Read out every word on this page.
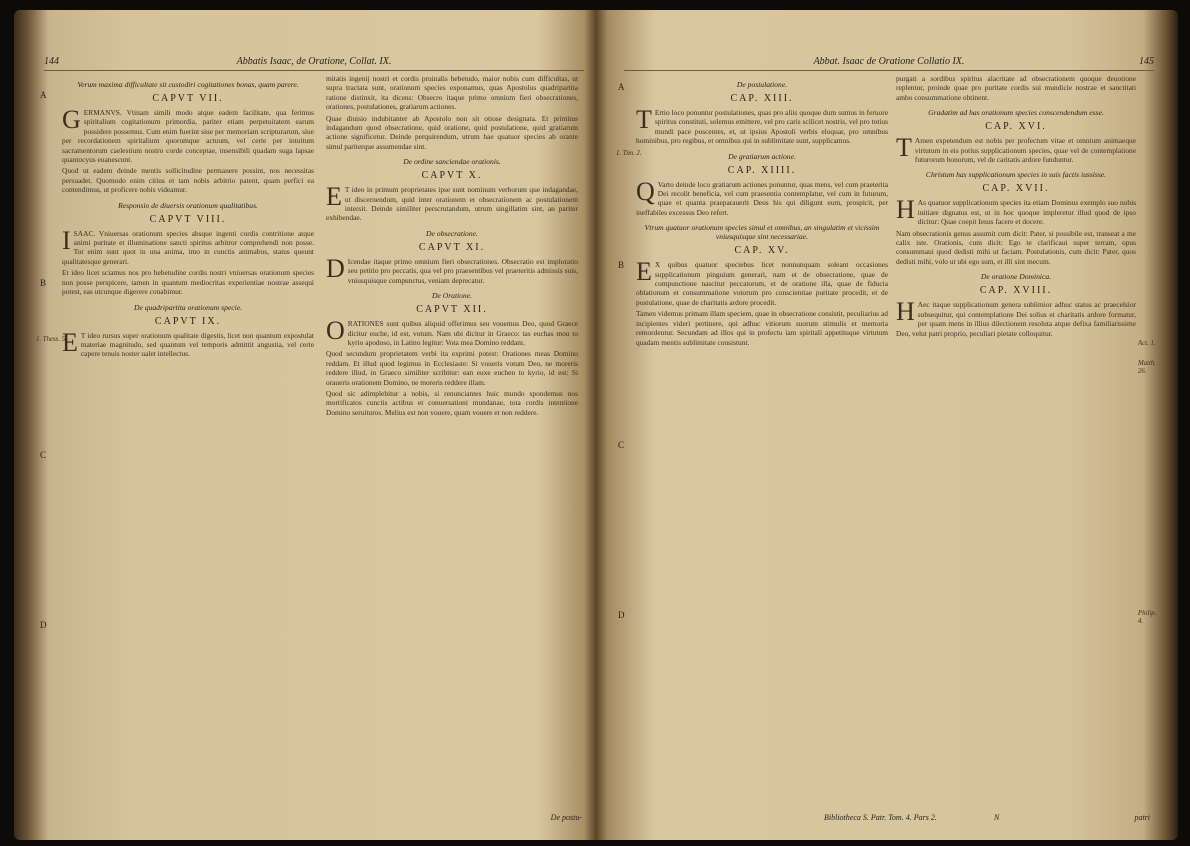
144	Abbatis Isaac, de Oratione, Collat. IX.
Verum maxima difficultate sit custodiri cogitationes bonas, quam parere.
CAPVT VII.

GERMANVS. Vtinam simili modo atque eadem facilitate, qua ferimus spiritalium cogitationum primordia, pariter etiam perpetuitatem earum possidere possemus. Cum enim fuerint siue per memoriam scripturarum, siue per recordationem spiritalium quorumque actuum, vel certe per intuitum sacramentorum caelestium nostro corde conceptae, insensibili quadam suga lapsae quantocyus euanescunt.

Quod ut eadem deinde mentis sollicitudine permanere possint, nos necessitas persuadet. Quomodo enim citius et tam nobis arbitrio patent, quam perfici ea contendimus, ut proficere nobis videamur.

Responsio de diuersis orationum qualitatibus.
CAPVT VIII.

ISAAC. Vniuersas orationum species absque ingenti cordis contritione atque animi puritate et illuminatione sancti spiritus arbitror comprehendi non posse. Tot enim sunt quot in una anima, imo in cunctis animabus, status queunt qualitatesque generari.

Et ideo licet sciamus nos pro hebetudine cordis nostri vniuersas orationum species non posse perspicere, tamen in quantum mediocritas experientiae nostrae assequi potest, eas utcunque digerere conabimur.

De quadripartita orationum specie.
CAPVT IX.

E T ideo rursus super orationum qualitate digestis, licet non quantum expostulat materiae magnitudo, sed quantum vel temporis admittit angustia, vel certe capere tenuis noster ualet intellectus.

mitatis ingenij nostri et cordis pruinalis hebetudo, maior nobis cum difficultas, ut supra tractata sunt, orationum species exponamus, quas Apostolus quadripartita ratione distinxit, ita dicens: Obsecro itaque primo omnium fieri obsecrationes, orationes, postulationes, gratiarum actiones.

Quae diuisio indubitanter ab Apostolo non sit otiose designata. Et primitus indagandum quod obsecratione, quid oratione, quid postulatione, quid gratiarum actione significetur. Deinde perquirendum, utrum hae quatuor species ab orante simul pariterque assumendae sint.

De ordine sanciendae orationis.
CAPVT X.

E T ideo in primum proprietates ipse sunt nominum verborum que indagandae, ut discernendum, quid inter orationem et obsecrationem ac postulationem intersit. Deinde similiter perscrutandum, utrum singillatim sint, an pariter exhibendae.

De obsecratione.
CAPVT XI.

D Icendae itaque primo omnium fieri obsecrationes. Obsecratio est imploratio seu petitio pro peccatis, qua vel pro praesentibus vel praeteritis admissis suis, vniusquisque compunctus, veniam deprecatur.

De Oratione.
CAPVT XII.

ORATIONES sunt quibus aliquid offerimus seu vouemus Deo, quod Graece dicitur euche, id est, votum. Nam ubi dicitur in Graeco: tas euchas mou to kyrio apodoso, in Latino legitur: Vota mea Domino reddam.

Quod secundum proprietatem verbi ita exprimi potest: Orationes meas Domino reddam. Et illud quod legimus in Ecclesiaste: Si voueris votum Deo, ne moreris reddere illud, in Graeco similiter scribitur: ean euxe euchen to kyrio, id est: Si oraueris orationem Domino, ne moreris reddere illam.

Quod sic adimplebitur a nobis, si renunciantes huic mundo spondemus nos mortificatos cunctis actibus et conuersationi mundanae, tota cordis intentione Domino seruituros. Melius est non vouere, quam vouere et non reddere.

A
B
C
D
1. Thess. 5.
De postu-
Abbat. Isaac de Oratione Collatio IX.	145
De postulatione.
CAP. XIII.

T Ertio loco ponuntur postulationes, quas pro aliis quoque dum sumus in feruore spiritus constituti, solemus emittere, vel pro caris scilicet nostris, vel pro totius mundi pace poscentes, et, ut ipsius Apostoli verbis eloquar, pro omnibus hominibus, pro regibus, et omnibus qui in sublimitate sunt, supplicamus.

De gratiarum actione.
CAP. XIIII.

Q Varto deinde loco gratiarum actiones ponuntur, quas mens, vel cum praeterita Dei recolit beneficia, vel cum praesentia contemplatur, vel cum in futurum, quae et quanta praeparauerit Deus his qui diligunt eum, prospicit, per ineffabiles excessus Deo refert.

Vtrum quatuor orationum species simul et omnibus, an singulatim et vicissim vniusquisque sint necessariae.
CAP. XV.

E X quibus quatuor speciebus licet nonnunquam soleant occasiones supplicationum pinguium generari, nam et de obsecratione, quae de compunctione nascitur peccatorum, et de oratione illa, quae de fiducia oblationum et consummatione votorum pro conscientiae puritate procedit, et de postulatione, quae de charitatis ardore procedit.

Tamen videmus primam illam speciem, quae in obsecratione consistit, peculiarius ad incipientes videri pertinere, qui adhuc vitiorum suorum stimulis et memoria remordentur. Secundam ad illos qui in profectu iam spiritali appetituque virtutum quadam mentis sublimitate consistunt.

purgati a sordibus spiritus alacritate ad obsecrationem quoque deuotione replentur, proinde quae pro puritate cordis sui mundicie nostrae et sanctitati ambo consummatione obtinent.

Gradatim ad has orationum species conscendendum esse.
CAP. XVI.

T Amen expetendum est nobis per profectum vitae et omnium animaeque virtutum in eis potius supplicationum species, quae vel de contemplatione futurorum bonorum, vel de caritatis ardore funduntur.

Christum has supplicationum species in suis factis iussisse.
CAP. XVII.

H As quatuor supplicationum species ita etiam Dominus exemplo suo nobis initiare dignatus est, ut in hoc quoque impleretur illud quod de ipso dicitur: Quae coepit Iesus facere et docere.

Nam obsecrationis genus assumit cum dicit: Pater, si possibile est, transeat a me calix iste. Orationis, cum dicit: Ego te clarificaui super terram, opus consummaui quod dedisti mihi ut faciam. Postulationis, cum dicit: Pater, quos dedisti mihi, volo ut ubi ego sum, et illi sint mecum.

De oratione Dominica.
CAP. XVIII.

H Aec itaque supplicationum genera sublimior adhuc status ac praecelsior subsequitur, qui contemplatione Dei solius et charitatis ardore formatur, per quam mens in illius dilectionem resoluta atque defixa familiarissime Deo, velut patri proprio, peculiari pietate colloquitur.

A
B
C
D
1. Tim. 2.
Act. 1.
Matth. 26.
Philip. 4.
Bibliotheca S. Patr. Tom. 4. Pars 2.	N	patri
